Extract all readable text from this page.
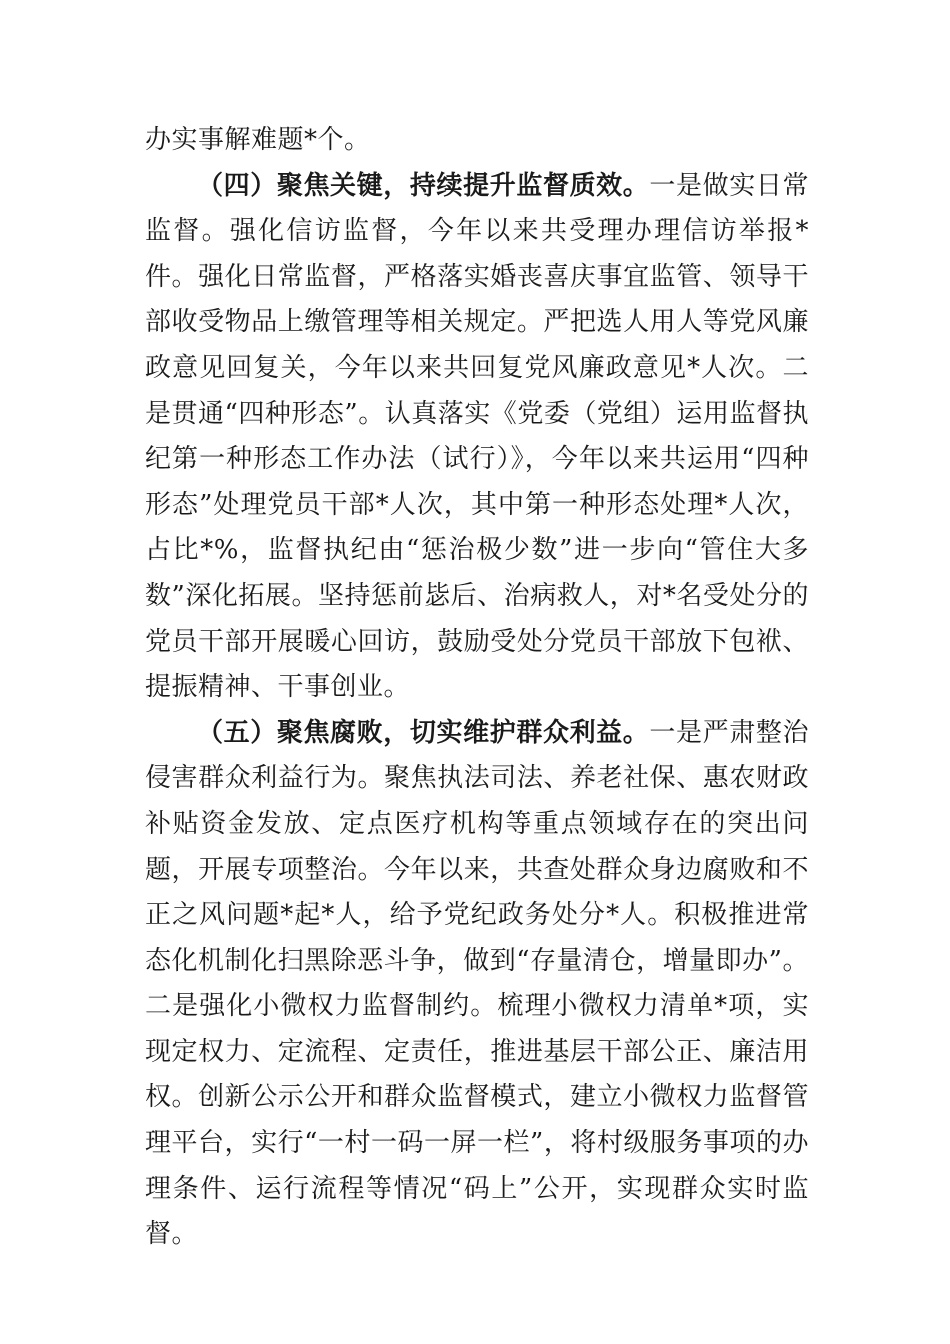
办实事解难题*个。

（四）聚焦关键，持续提升监督质效。一是做实日常监督。强化信访监督，今年以来共受理办理信访举报*件。强化日常监督，严格落实婚丧喜庆事宜监管、领导干部收受物品上缴管理等相关规定。严把选人用人等党风廉政意见回复关，今年以来共回复党风廉政意见*人次。二是贯通“四种形态”。认真落实《党委（党组）运用监督执纪第一种形态工作办法（试行）》，今年以来共运用“四种形态”处理党员干部*人次，其中第一种形态处理*人次，占比*%，监督执纪由“惩治极少数”进一步向“管住大多数”深化拓展。坚持惩前毖后、治病救人，对*名受处分的党员干部开展暖心回访，鼓励受处分党员干部放下包袱、提振精神、干事创业。

（五）聚焦腐败，切实维护群众利益。一是严肃整治侵害群众利益行为。聚焦执法司法、养老社保、惠农财政补贴资金发放、定点医疗机构等重点领域存在的突出问题，开展专项整治。今年以来，共查处群众身边腐败和不正之风问题*起*人，给予党纪政务处分*人。积极推进常态化机制化扫黑除恶斗争，做到“存量清仓，增量即办”。二是强化小微权力监督制约。梳理小微权力清单*项，实现定权力、定流程、定责任，推进基层干部公正、廉洁用权。创新公示公开和群众监督模式，建立小微权力监督管理平台，实行“一村一码一屏一栏”，将村级服务事项的办理条件、运行流程等情况“码上”公开，实现群众实时监督。
